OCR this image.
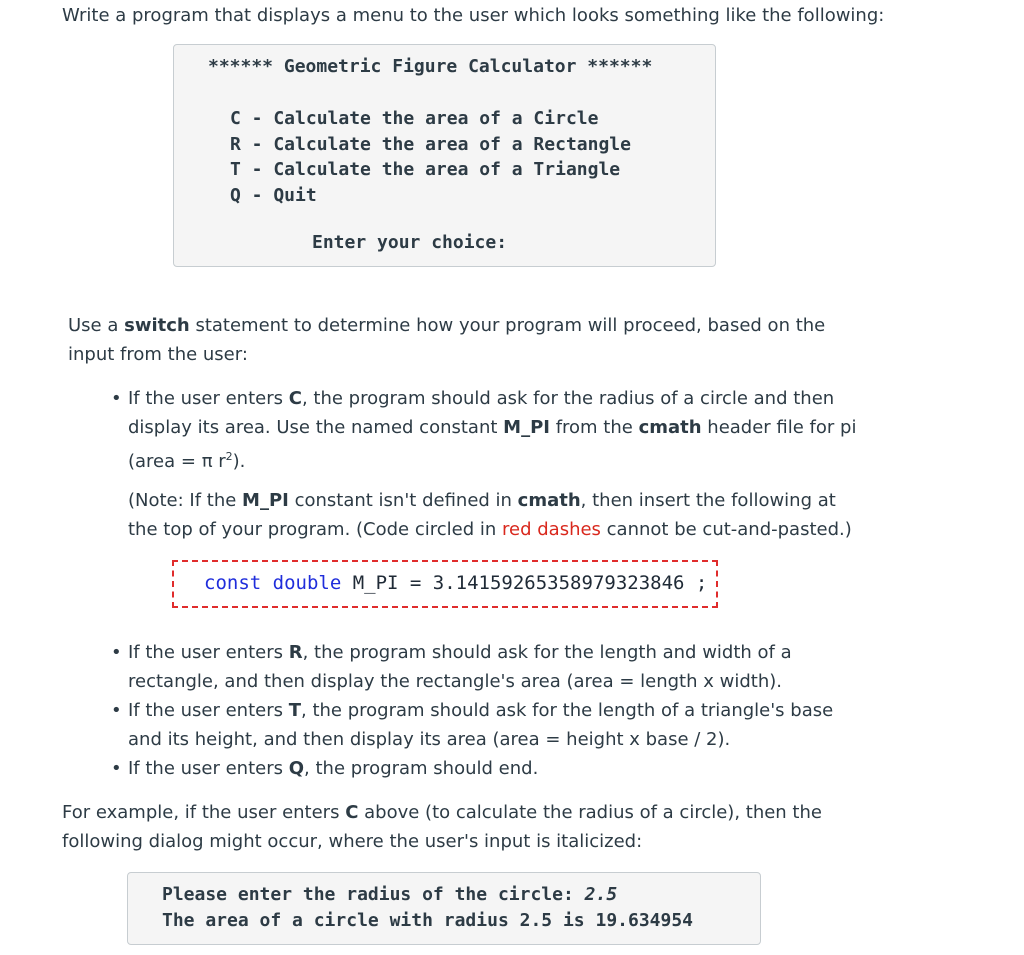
Write a program that displays a menu to the user which looks something like the following:

****** Geometric Figure Calculator ******
C - Calculate the area of a Circle
R - Calculate the area of a Rectangle
T - Calculate the area of a Triangle
Q - Quit
Enter your choice:

Use a switch statement to determine how your program will proceed, based on the input from the user:

• If the user enters C, the program should ask for the radius of a circle and then display its area. Use the named constant M_PI from the cmath header file for pi (area = π $r^2$).

(Note: If the M_PI constant isn't defined in cmath, then insert the following at the top of your program. (Code circled in red dashes cannot be cut-and-pasted.)

const double M_PI = 3.14159265358979323846 ;
• If the user enters R, the program should ask for the length and width of a rectangle, and then display the rectangle's area (area = length x width).
• If the user enters T, the program should ask for the length of a triangle's base and its height, and then display its area (area = height x base / 2).
• If the user enters Q, the program should end.

For example, if the user enters C above (to calculate the radius of a circle), then the following dialog might occur, where the user's input is italicized:

Please enter the radius of the circle: 2.5
The area of a circle with radius 2.5 is 19.634954
